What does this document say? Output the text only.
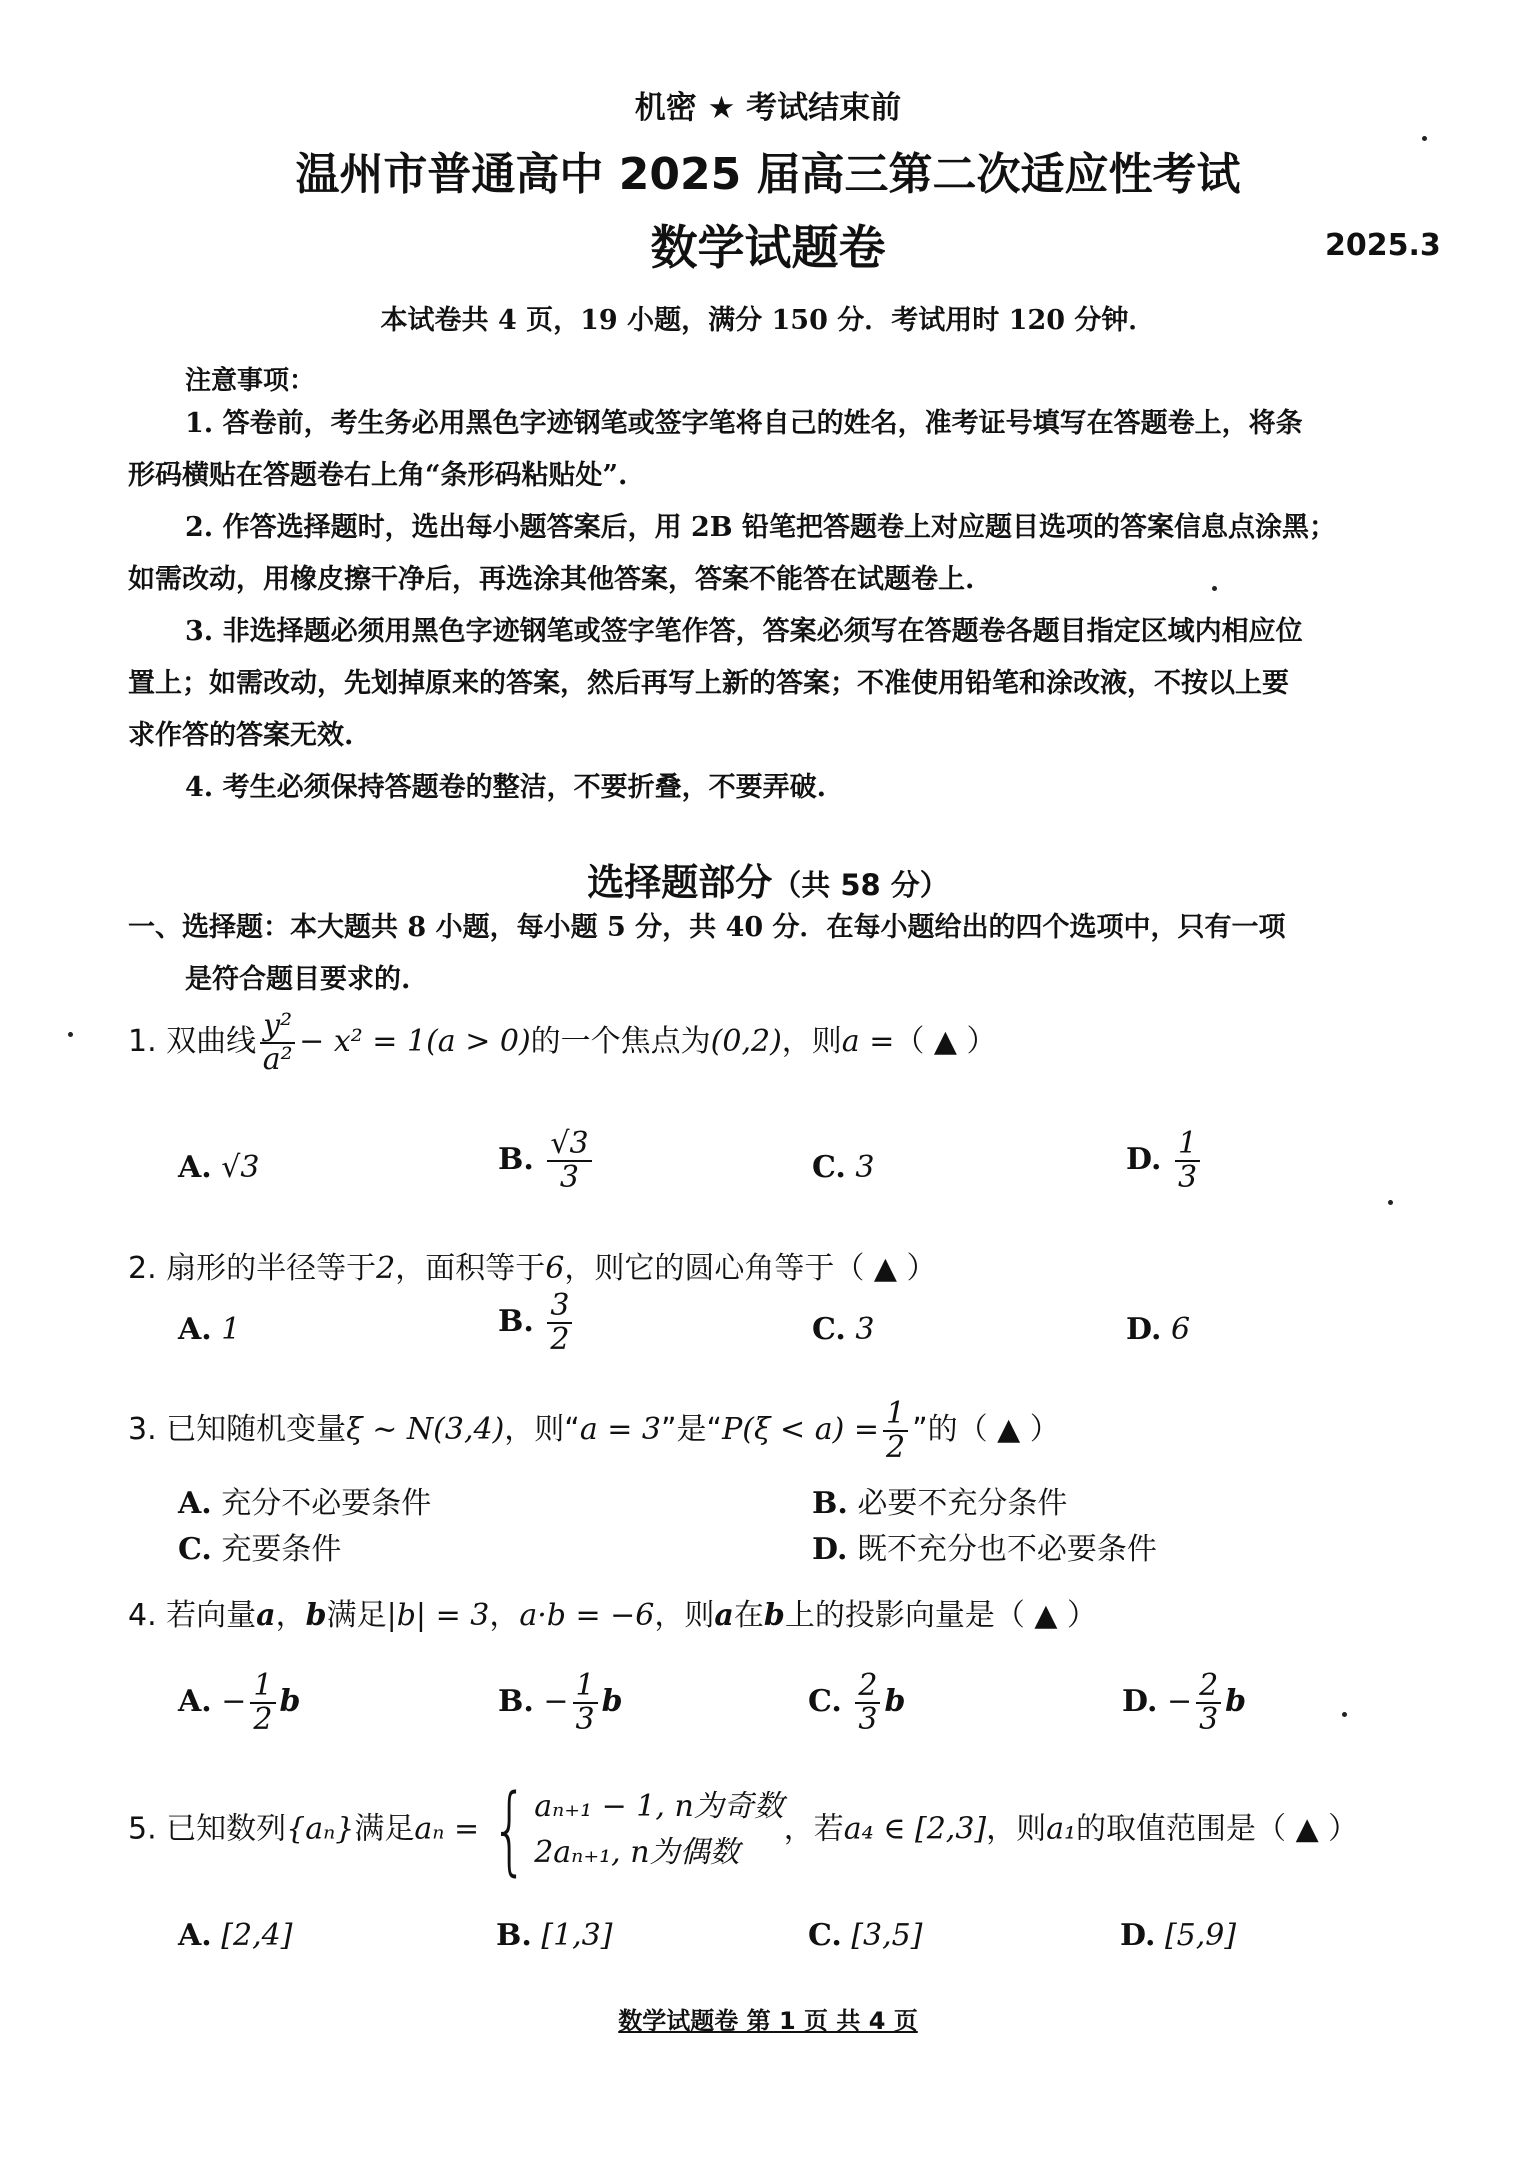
机密 ★ 考试结束前
温州市普通高中 2025 届高三第二次适应性考试
数学试题卷	2025.3
本试卷共 4 页，19 小题，满分 150 分．考试用时 120 分钟．
注意事项：
1. 答卷前，考生务必用黑色字迹钢笔或签字笔将自己的姓名，准考证号填写在答题卷上，将条
形码横贴在答题卷右上角“条形码粘贴处”.
2. 作答选择题时，选出每小题答案后，用 2B 铅笔把答题卷上对应题目选项的答案信息点涂黑；
如需改动，用橡皮擦干净后，再选涂其他答案，答案不能答在试题卷上.
3. 非选择题必须用黑色字迹钢笔或签字笔作答，答案必须写在答题卷各题目指定区域内相应位
置上；如需改动，先划掉原来的答案，然后再写上新的答案；不准使用铅笔和涂改液，不按以上要
求作答的答案无效.
4. 考生必须保持答题卷的整洁，不要折叠，不要弄破.
选择题部分（共 58 分）
一、选择题：本大题共 8 小题，每小题 5 分，共 40 分．在每小题给出的四个选项中，只有一项
是符合题目要求的.
1. 双曲线 $\frac{\text{y²}}{\text{a²}} - x^2 = 1(a > 0)$的一个焦点为(0,2)，则a =（ ▲ ）
A. √3	B. $\frac{√3}{3}$	C. 3	D. $\frac{1}{3}$
2. 扇形的半径等于2，面积等于6，则它的圆心角等于（ ▲ ）
A. 1	B. $\frac{3}{2}$	C. 3	D. 6
3. 已知随机变量ξ ~ N(3,4)，则“a = 3”是“$P(\xi < a) = \frac{1}{2}$ ”的（ ▲ ）
A. 充分不必要条件	B. 必要不充分条件
C. 充要条件	D. 既不充分也不必要条件
4. 若向量a，b满足|b| = 3，a·b = −6，则a在b上的投影向量是（ ▲ ）
A. − $\frac{1}{2}$ b	B. − $\frac{1}{3}$ b	C. $\frac{2}{3}$ b	D. − $\frac{2}{3}$ b
5. 已知数列{aₙ}满足aₙ = { aₙ₊₁ − 1, n为奇数
2aₙ₊₁, n为偶数
，若a₄ ∈ [2,3]，则a₁的取值范围是（ ▲ ）
A. [2,4]	B. [1,3]	C. [3,5]	D. [5,9]
数学试题卷 第 1 页 共 4 页
